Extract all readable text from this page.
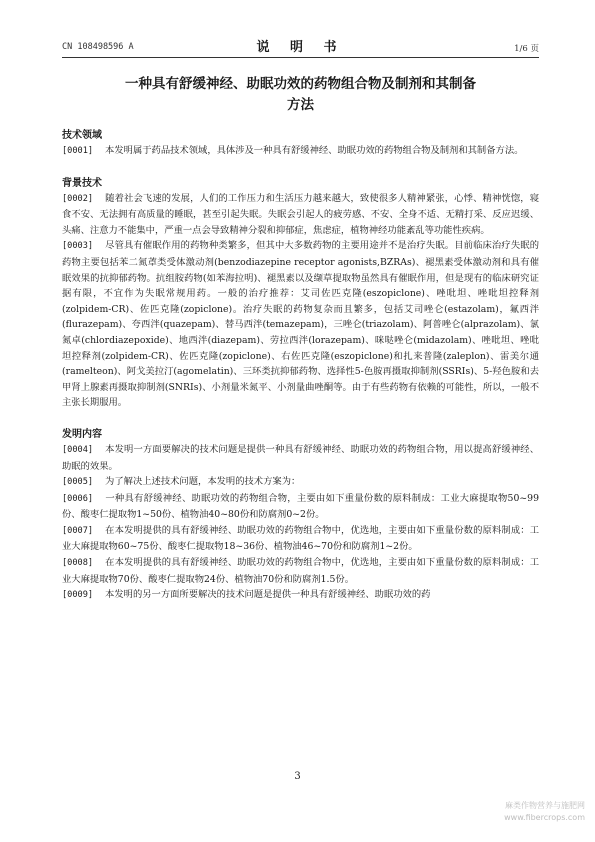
CN 108498596 A	说 明 书	1/6 页
一种具有舒缓神经、助眠功效的药物组合物及制剂和其制备
方法
技术领域

[0001] 本发明属于药品技术领域，具体涉及一种具有舒缓神经、助眠功效的药物组合物及制剂和其制备方法。

背景技术

[0002] 随着社会飞速的发展，人们的工作压力和生活压力越来越大，致使很多人精神紧张，心悸、精神恍惚，寝食不安、无法拥有高质量的睡眠，甚至引起失眠。失眠会引起人的疲劳感、不安、全身不适、无精打采、反应迟缓、头痛、注意力不能集中，严重一点会导致精神分裂和抑郁症，焦虑症，植物神经功能紊乱等功能性疾病。

[0003] 尽管具有催眠作用的药物种类繁多，但其中大多数药物的主要用途并不是治疗失眠。目前临床治疗失眠的药物主要包括苯二氮䓬类受体激动剂(benzodiazepine receptor agonists,BZRAs)、褪黑素受体激动剂和具有催眠效果的抗抑郁药物。抗组胺药物(如苯海拉明)、褪黑素以及缬草提取物虽然具有催眠作用，但是现有的临床研究证据有限，不宜作为失眠常规用药。一般的治疗推荐：艾司佐匹克隆(eszopiclone)、唑吡坦、唑吡坦控释剂(zolpidem-CR)、佐匹克隆(zopiclone)。治疗失眠的药物复杂而且繁多，包括艾司唑仑(estazolam)，氟西泮(flurazepam)、夸西泮(quazepam)、替马西泮(temazepam)，三唑仑(triazolam)、阿普唑仑(alprazolam)、氯氮卓(chlordiazepoxide)、地西泮(diazepam)、劳拉西泮(lorazepam)、咪哒唑仑(midazolam)、唑吡坦、唑吡坦控释剂(zolpidem-CR)、佐匹克隆(zopiclone)、右佐匹克隆(eszopiclone)和扎来普隆(zaleplon)、雷美尔通(ramelteon)、阿戈美拉汀(agomelatin)、三环类抗抑郁药物、选择性5-色胺再摄取抑制剂(SSRIs)、5-羟色胺和去甲肾上腺素再摄取抑制剂(SNRIs)、小剂量米氮平、小剂量曲唑酮等。由于有些药物有依赖的可能性，所以，一般不主张长期服用。

发明内容

[0004] 本发明一方面要解决的技术问题是提供一种具有舒缓神经、助眠功效的药物组合物，用以提高舒缓神经、助眠的效果。

[0005] 为了解决上述技术问题，本发明的技术方案为：

[0006] 一种具有舒缓神经、助眠功效的药物组合物，主要由如下重量份数的原料制成：工业大麻提取物50~99份、酸枣仁提取物1~50份、植物油40~80份和防腐剂0~2份。

[0007] 在本发明提供的具有舒缓神经、助眠功效的药物组合物中，优选地，主要由如下重量份数的原料制成：工业大麻提取物60~75份、酸枣仁提取物18~36份、植物油46~70份和防腐剂1~2份。

[0008] 在本发明提供的具有舒缓神经、助眠功效的药物组合物中，优选地，主要由如下重量份数的原料制成：工业大麻提取物70份、酸枣仁提取物24份、植物油70份和防腐剂1.5份。

[0009] 本发明的另一方面所要解决的技术问题是提供一种具有舒缓神经、助眠功效的药

3
麻类作物营养与施肥网
www.fibercrops.com
